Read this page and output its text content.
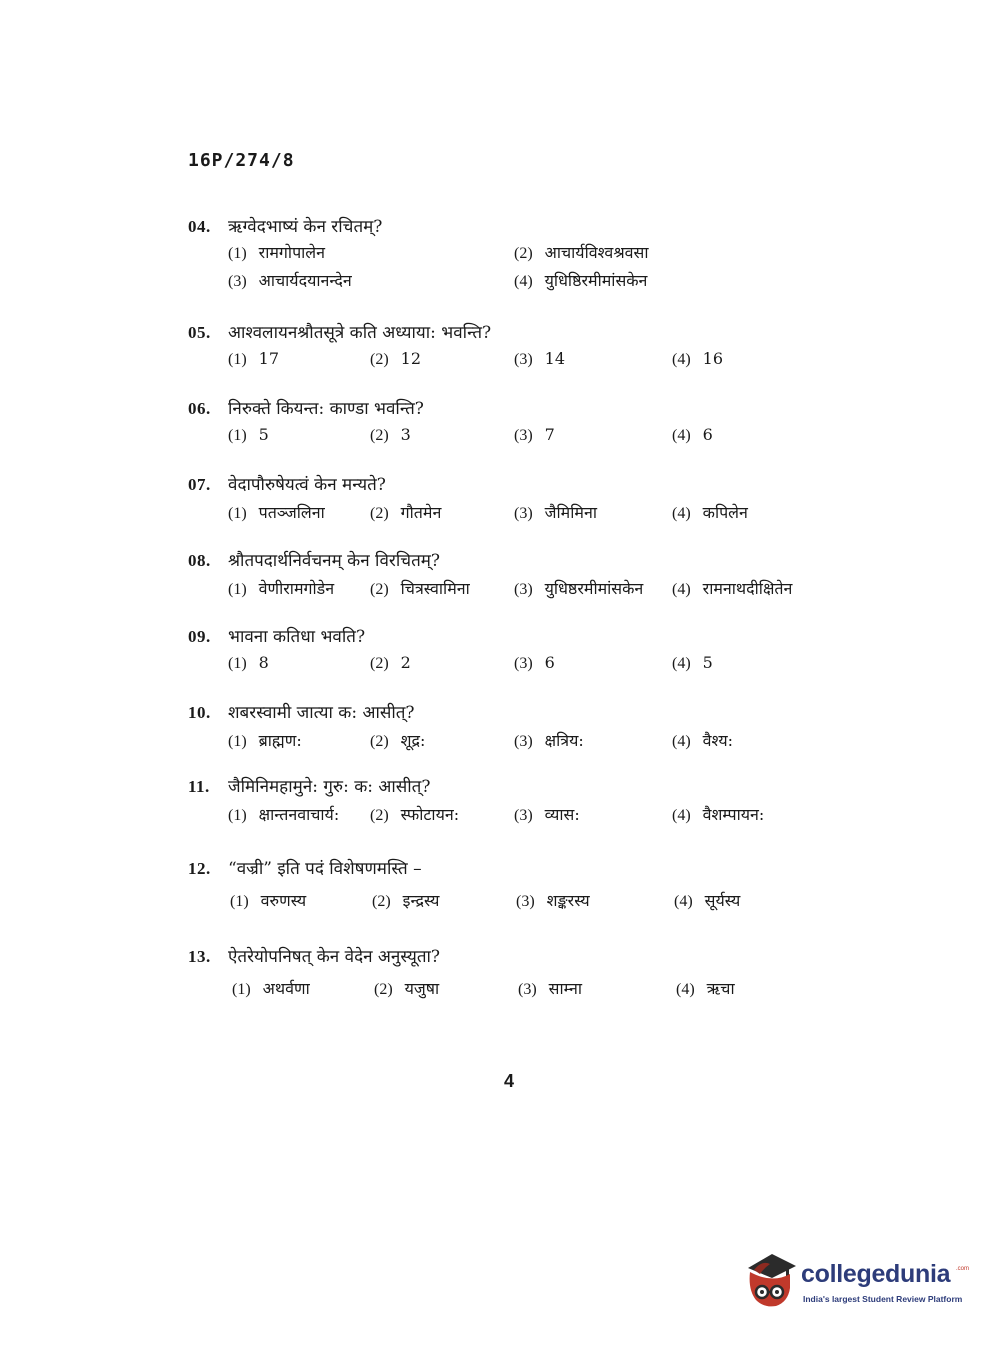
16P/274/8
04.	ऋग्वेदभाष्यं केन रचितम्?
(1) रामगोपालेन	(2) आचार्यविश्वश्रवसा
(3) आचार्यदयानन्देन	(4) युधिष्ठिरमीमांसकेन
05.	आश्वलायनश्रौतसूत्रे कति अध्याया: भवन्ति?
(1) 17	(2) 12	(3) 14	(4) 16
06.	निरुक्ते कियन्त: काण्डा भवन्ति?
(1) 5	(2) 3	(3) 7	(4) 6
07.	वेदापौरुषेयत्वं केन मन्यते?
(1) पतञ्जलिना	(2) गौतमेन	(3) जैमिमिना	(4) कपिलेन
08.	श्रौतपदार्थनिर्वचनम् केन विरचितम्?
(1) वेणीरामगोडेन (2) चित्रस्वामिना	(3) युधिष्ठरमीमांसकेन (4) रामनाथदीक्षितेन
09.	भावना कतिधा भवति?
(1) 8	(2) 2	(3) 6	(4) 5
10.	शबरस्वामी जात्या क: आसीत्?
(1) ब्राह्मण:	(2) शूद्र:	(3) क्षत्रिय:	(4) वैश्य:
11.	जैमिनिमहामुने: गुरु: क: आसीत्?
(1) क्षान्तनवाचार्य: (2) स्फोटायन:	(3) व्यास:	(4) वैशम्पायन:
12.	“वज्री” इति पदं विशेषणमस्ति –
(1) वरुणस्य	(2) इन्द्रस्य	(3) शङ्करस्य	(4) सूर्यस्य
13.	ऐतरेयोपनिषत् केन वेदेन अनुस्यूता?
(1) अथर्वणा	(2) यजुषा	(3) साम्ना	(4) ऋचा
4
collegedunia .com
India's largest Student Review Platform
